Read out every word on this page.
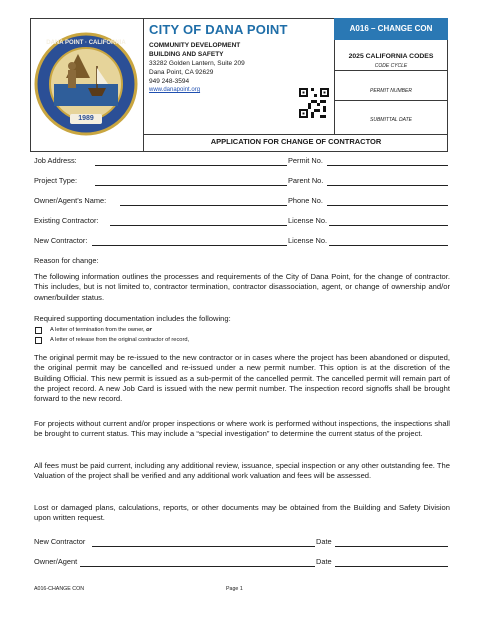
DANA POINT · CALIFORNIA
1989
CITY OF DANA POINT
COMMUNITY DEVELOPMENT
BUILDING AND SAFETY
33282 Golden Lantern, Suite 209
Dana Point, CA 92629
949 248-3594
www.danapoint.org
A016 – CHANGE CON
2025 CALIFORNIA CODES
CODE CYCLE
PERMIT NUMBER
SUBMITTAL DATE
APPLICATION FOR CHANGE OF CONTRACTOR
Job Address:	Permit No.
Project Type:	Parent No.
Owner/Agent’s Name:	Phone No.
Existing Contractor:	License No.
New Contractor:	License No.
Reason for change:
The following information outlines the processes and requirements of the City of Dana Point, for the change of contractor. This includes, but is not limited to, contractor termination, contractor disassociation, agent, or change of ownership and/or owner/builder status.
Required supporting documentation includes the following:
A letter of termination from the owner, or
A letter of release from the original contractor of record,
The original permit may be re-issued to the new contractor or in cases where the project has been abandoned or disputed, the original permit may be cancelled and re-issued under a new permit number. This option is at the discretion of the Building Official. This new permit is issued as a sub-permit of the cancelled permit. The cancelled permit will remain part of the project record. A new Job Card is issued with the new permit number. The inspection record signoffs shall be brought forward to the new record.
For projects without current and/or proper inspections or where work is performed without inspections, the inspections shall be brought to current status. This may include a “special investigation” to determine the current status of the project.
All fees must be paid current, including any additional review, issuance, special inspection or any other outstanding fee. The Valuation of the project shall be verified and any additional work valuation and fees will be assessed.
Lost or damaged plans, calculations, reports, or other documents may be obtained from the Building and Safety Division upon written request.
New Contractor	Date
Owner/Agent	Date
A016-CHANGE CON	Page 1
